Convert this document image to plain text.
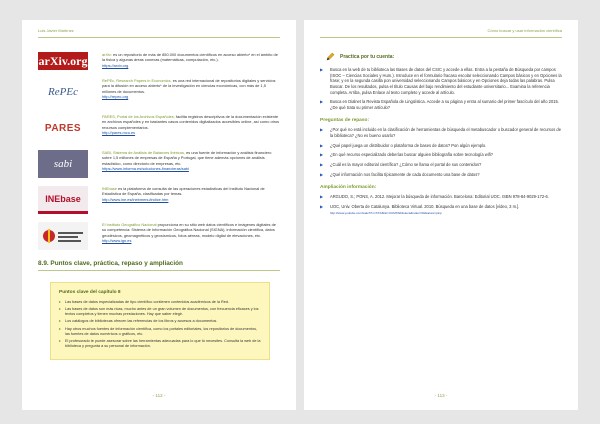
Luis Javier Martínez
arXiv.org	arXiv: es un repositorio de más de 850.000 documentos científicos en acceso abierto* en el ámbito de la física y algunas áreas conexas (matemáticas, computación, etc.).
https://arxiv.org
RePEc
RePEc, Research Papers in Economics, es una red internacional de repositorios digitales y servicios para la difusión en acceso abierto* de la investigación en ciencias económicas, con más de 1,5 millones de documentos.
http://repec.org
PARES
PARES, Portal de los Archivos Españoles, facilita registros descriptivos de la documentación existente en archivos españoles y en bastantes casos contenidos digitalizados accesibles online, así como otros recursos complementarios.
http://pares.mcu.es
sabi
SABI, Sistema de Análisis de Balances Ibéricos, es una fuente de información y análisis financiero sobre 1,5 millones de empresas de España y Portugal, que tiene además opciones de análisis estadístico, como directorio de empresas, etc.
https://www.informa.es/soluciones-financieras/sabi
INEbase
INEbase es la plataforma de consulta de las operaciones estadísticas del Instituto Nacional de Estadística de España, clasificadas por temas.
http://www.ine.es/inebmenu/indice.htm
El Instituto Geográfico Nacional proporciona en su sitio web datos científicos e imágenes digitales de su competencia: Sistema de Información Geográfica Nacional (SIGNA), información científica, datos geodésicos, geomagnéticos y geosísmicos, fotos aéreas, modelo digital de elevaciones, etc.
http://www.ign.es
8.9. Puntos clave, práctica, repaso y ampliación
Puntos clave del capítulo 8
▸ Las bases de datos especializadas de tipo científico contienen contenidos académicos de la Red.
▸ Las bases de datos son más ricas, mucho antes de un gran volumen de documentos, con frecuencia eficaces y los textos completos y tienen muchas prestaciones. Hay que saber elegir.
▸ Los catálogos de bibliotecas ofrecen las referencias de los libros y accesos a documentos.
▸ Hay otros muchos fuentes de información científica, como los portales editoriales, los repositorios de documentos, las fuentes de datos numéricos o gráficos, etc.
▸ El profesorado te puede asesorar sobre las herramientas adecuadas para lo que tú necesites. Consulta la web de la biblioteca y pregunta a su personal de información.
- 112 -
Cómo buscar y usar información científica
Practica por tu cuenta:
▶ Busca en la web de tu biblioteca las Bases de datos del CSIC y accede a ellas. Entra a la pestaña de Búsqueda por campos (ISOC – Ciencias Sociales y Hum.). Introduce en el formulario fracaso escolar seleccionando Campos básicos y en Opciones la frase; y en la segunda casilla pon universidad seleccionando Campos básicos y en Opciones deja todas las palabras. Pulsa Buscar. De los resultados, pulsa el título Causas del bajo rendimiento del estudiante universitario... Examina la referencia completa. Arriba, pulsa Enlace al texto completo y accede al artículo.
▶ Busca en Dialnet la Revista Española de Lingüística. Accede a su página y entra al sumario del primer fascículo del año 2015. ¿De qué trata su primer artículo?
Preguntas de repaso:
▶ ¿Por qué no está incluido en la clasificación de herramientas de búsqueda el metabuscador o buscador general de recursos de la biblioteca? ¿No es bueno usarlo?
▶ ¿Qué papel juega un distribuidor o plataforma de bases de datos? Pon algún ejemplo.
▶ ¿En qué recurso especializado deberías buscar alguien bibliografía sobre tecnología wifi?
▶ ¿Cuál es la mayor editorial científica? ¿Cómo se llama el portal de sus contenidos?
▶ ¿Qué información nos facilita típicamente de cada documento una base de datos?
Ampliación información:
▶ ARGUDO, S.; PONS, A. 2012. Mejorar la búsqueda de información. Barcelona: Editorial UOC. ISBN 978-84-9029-172-6.
▶ UOC, Univ. Oberta de Catalunya. Biblioteca Virtual. 2010. Búsqueda en una base de datos [vídeo, 3 m.]. http://www.youtube.com/watch?v=XXX&list=UUMXbiblioteca&index=9&feature=plcp
- 113 -
